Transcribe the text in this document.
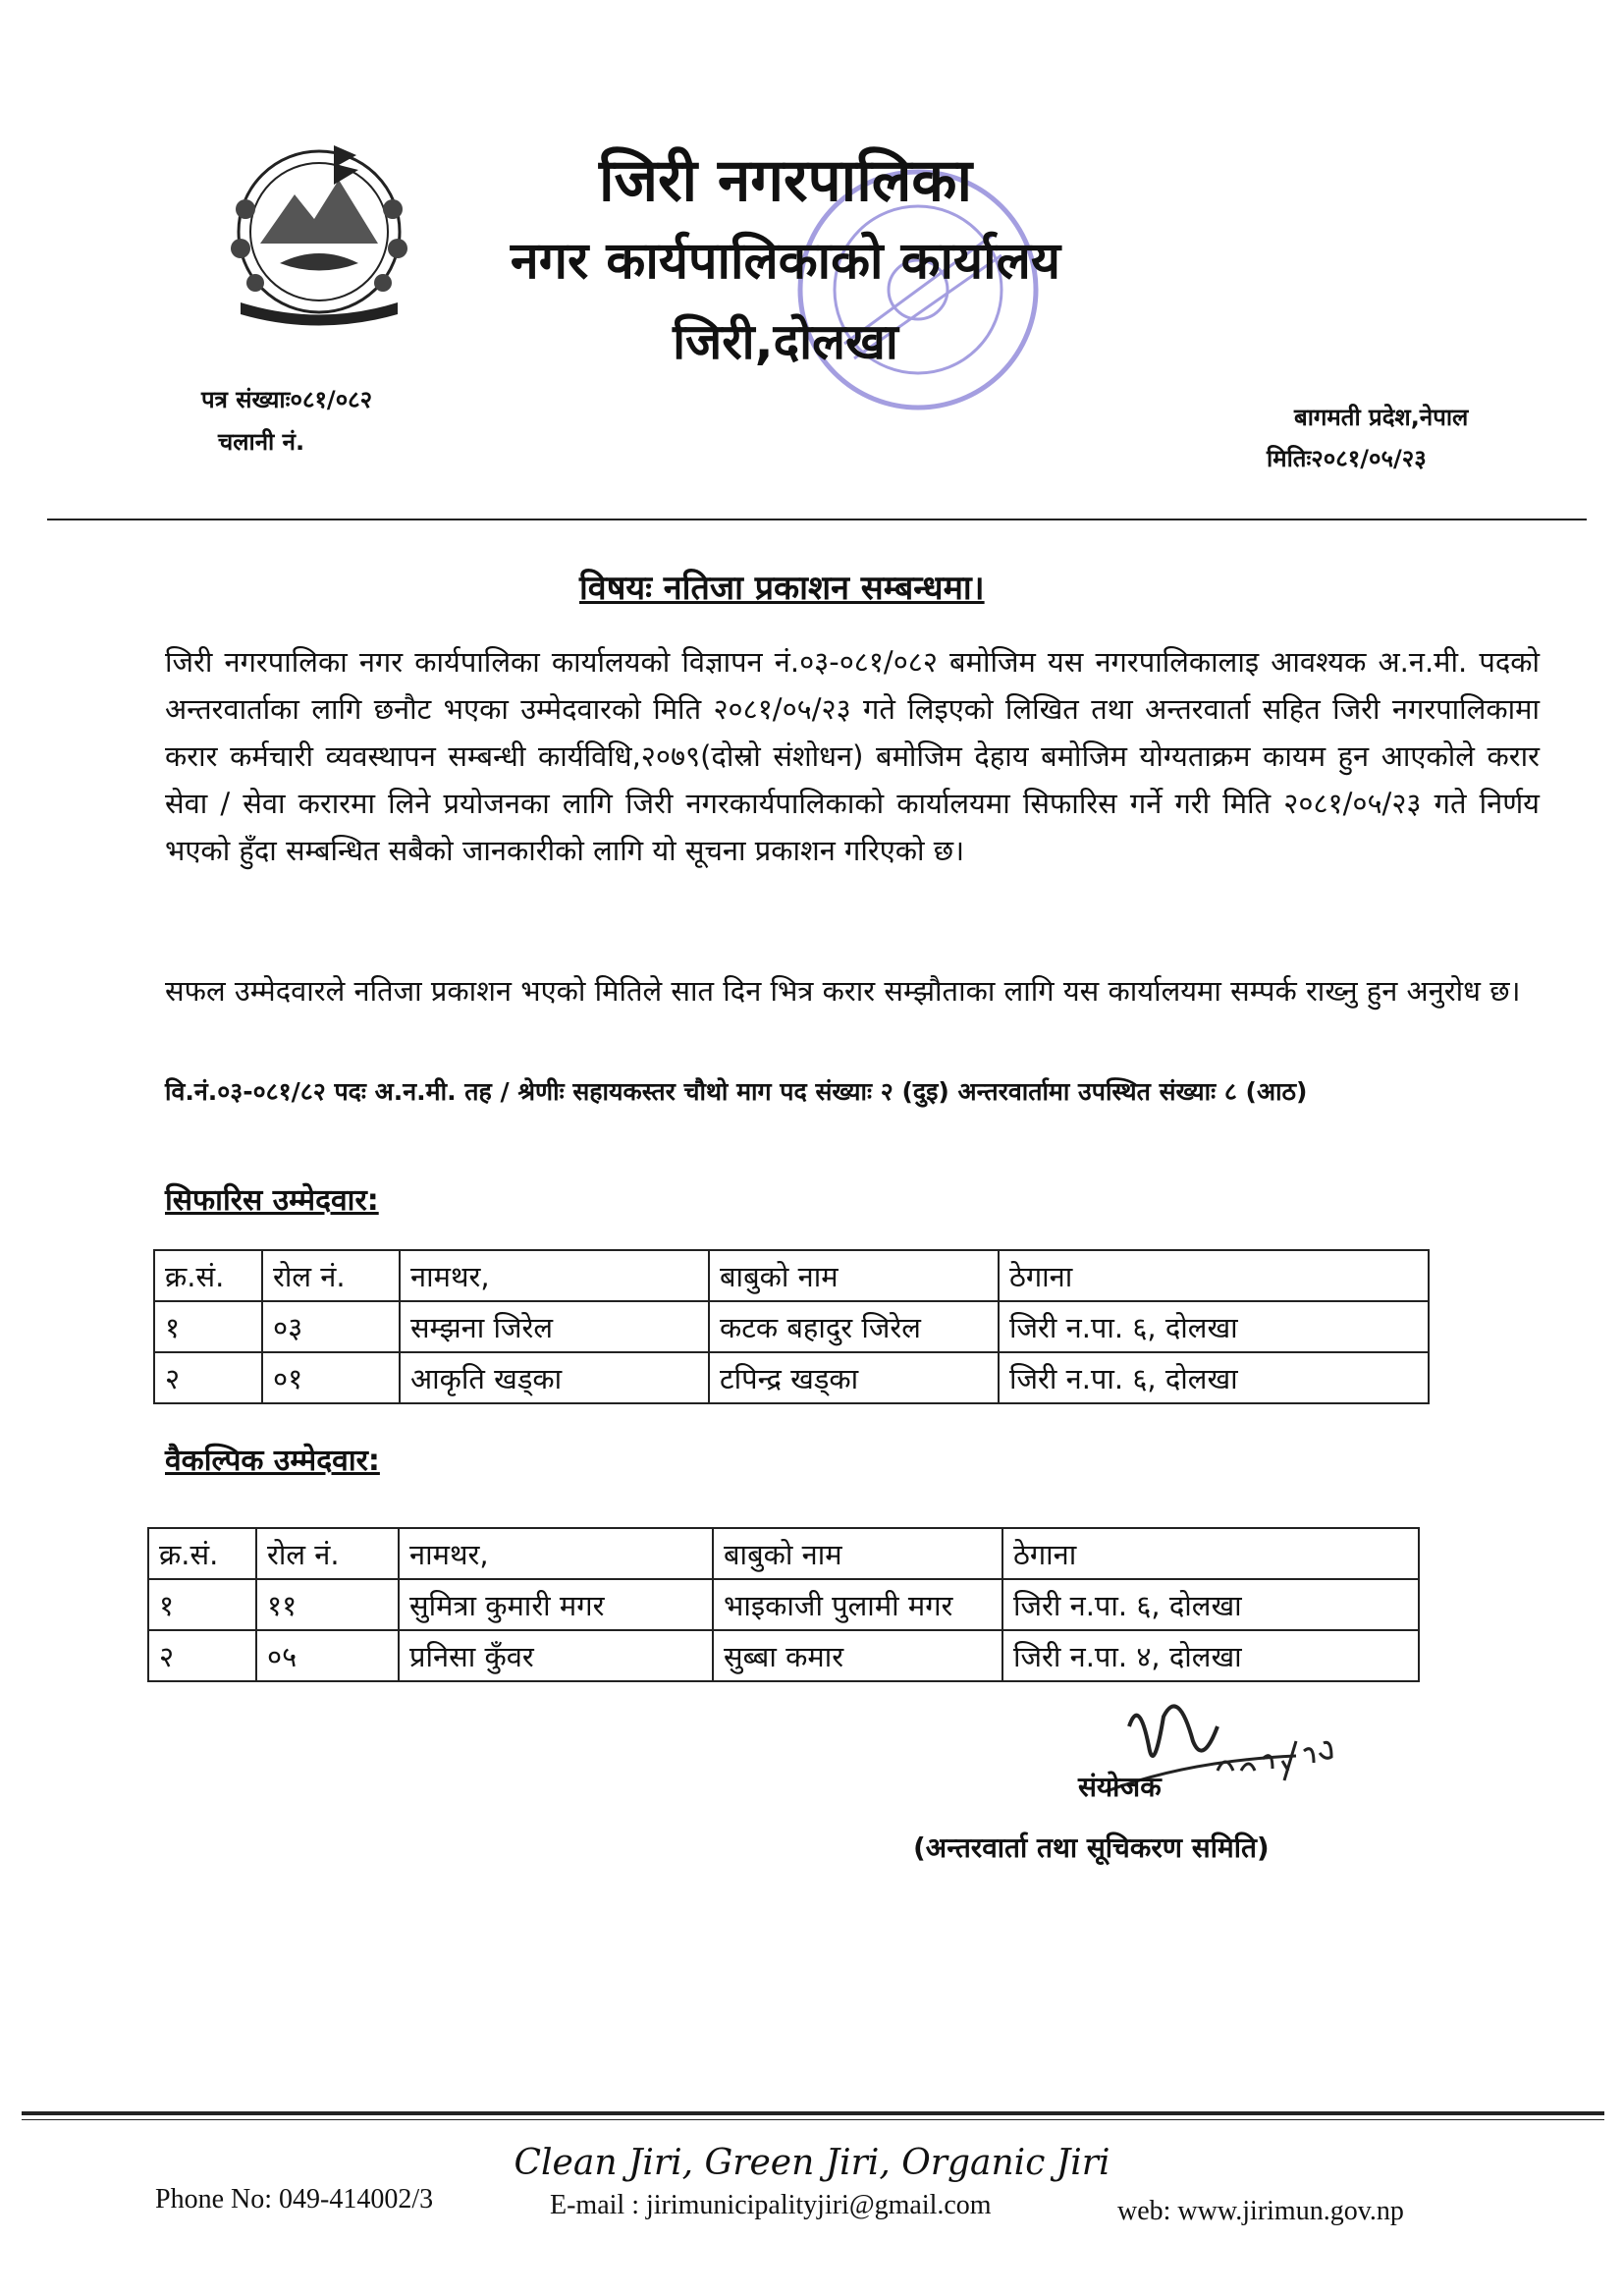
जिरी नगरपालिका
नगर कार्यपालिकाको कार्यालय
जिरी,दोलखा
पत्र संख्याः०८१/०८२
चलानी नं.
बागमती प्रदेश,नेपाल
मितिः२०८१/०५/२३
विषयः नतिजा प्रकाशन सम्बन्धमा।
जिरी नगरपालिका नगर कार्यपालिका कार्यालयको विज्ञापन नं.०३-०८१/०८२ बमोजिम यस नगरपालिकालाइ आवश्यक अ.न.मी. पदको अन्तरवार्ताका लागि छनौट भएका उम्मेदवारको मिति २०८१/०५/२३ गते लिइएको लिखित तथा अन्तरवार्ता सहित जिरी नगरपालिकामा करार कर्मचारी व्यवस्थापन सम्बन्धी कार्यविधि,२०७९(दोस्रो संशोधन) बमोजिम देहाय बमोजिम योग्यताक्रम कायम हुन आएकोले करार सेवा / सेवा करारमा लिने प्रयोजनका लागि जिरी नगरकार्यपालिकाको कार्यालयमा सिफारिस गर्ने गरी मिति २०८१/०५/२३ गते निर्णय भएको हुँदा सम्बन्धित सबैको जानकारीको लागि यो सूचना प्रकाशन गरिएको छ।
सफल उम्मेदवारले नतिजा प्रकाशन भएको मितिले सात दिन भित्र करार सम्झौताका लागि यस कार्यालयमा सम्पर्क राख्नु हुन अनुरोध छ।
वि.नं.०३-०८१/८२ पदः अ.न.मी. तह / श्रेणीः सहायकस्तर चौथो माग पद संख्याः २ (दुइ) अन्तरवार्तामा उपस्थित संख्याः ८ (आठ)
सिफारिस उम्मेदवार:
क्र.सं.	रोल नं.	नामथर,	बाबुको नाम	ठेगाना
१	०३	सम्झना जिरेल	कटक बहादुर जिरेल	जिरी न.पा. ६, दोलखा
२	०१	आकृति खड्का	टपिन्द्र खड्का	जिरी न.पा. ६, दोलखा
वैकल्पिक उम्मेदवार:
क्र.सं.	रोल नं.	नामथर,	बाबुको नाम	ठेगाना
१	११	सुमित्रा कुमारी मगर	भाइकाजी पुलामी मगर	जिरी न.पा. ६, दोलखा
२	०५	प्रनिसा कुँवर	सुब्बा कमार	जिरी न.पा. ४, दोलखा
संयोजक
(अन्तरवार्ता तथा सूचिकरण समिति)
Clean Jiri, Green Jiri, Organic Jiri
Phone No: 049-414002/3	E-mail : jirimunicipalityjiri@gmail.com	web: www.jirimun.gov.np
